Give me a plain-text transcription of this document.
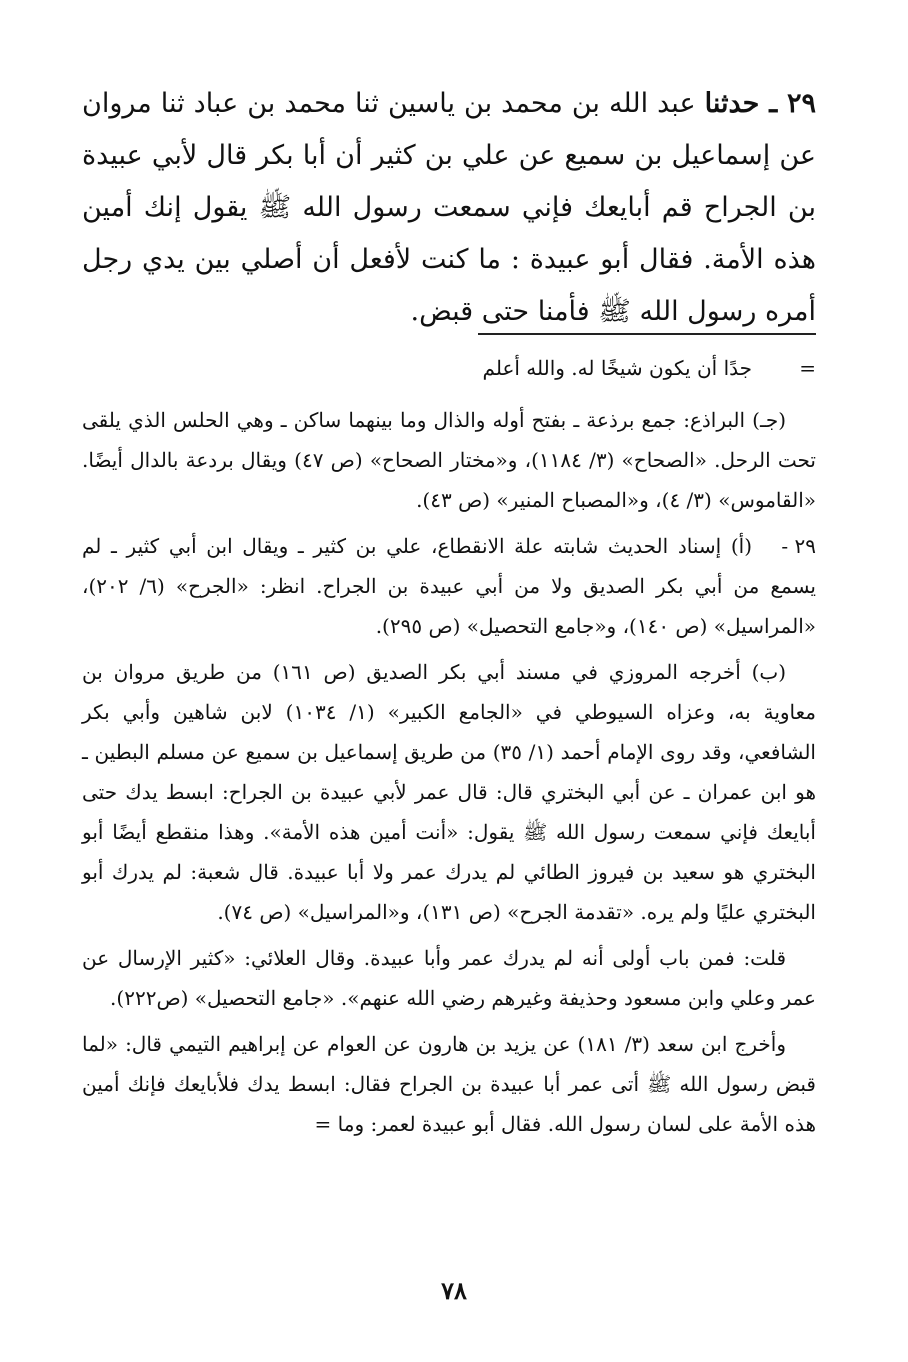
٢٩ ـ حدثنا عبد الله بن محمد بن ياسين ثنا محمد بن عباد ثنا مروان عن إسماعيل بن سميع عن علي بن كثير أن أبا بكر قال لأبي عبيدة بن الجراح قم أبايعك فإني سمعت رسول الله ﷺ يقول إنك أمين هذه الأمة. فقال أبو عبيدة : ما كنت لأفعل أن أصلي بين يدي رجل أمره رسول الله ﷺ فأمنا حتى قبض.

=جدًا أن يكون شيخًا له. والله أعلم

(جـ) البراذع: جمع برذعة ـ بفتح أوله والذال وما بينهما ساكن ـ وهي الحلس الذي يلقى تحت الرحل. «الصحاح» (٣/ ١١٨٤)، و«مختار الصحاح» (ص ٤٧) ويقال بردعة بالدال أيضًا. «القاموس» (٣/ ٤)، و«المصباح المنير» (ص ٤٣).

٢٩ -(أ) إسناد الحديث شابته علة الانقطاع، علي بن كثير ـ ويقال ابن أبي كثير ـ لم يسمع من أبي بكر الصديق ولا من أبي عبيدة بن الجراح. انظر: «الجرح» (٦/ ٢٠٢)، «المراسيل» (ص ١٤٠)، و«جامع التحصيل» (ص ٢٩٥).

(ب) أخرجه المروزي في مسند أبي بكر الصديق (ص ١٦١) من طريق مروان بن معاوية به، وعزاه السيوطي في «الجامع الكبير» (١/ ١٠٣٤) لابن شاهين وأبي بكر الشافعي، وقد روى الإمام أحمد (١/ ٣٥) من طريق إسماعيل بن سميع عن مسلم البطين ـ هو ابن عمران ـ عن أبي البختري قال: قال عمر لأبي عبيدة بن الجراح: ابسط يدك حتى أبايعك فإني سمعت رسول الله ﷺ يقول: «أنت أمين هذه الأمة». وهذا منقطع أيضًا أبو البختري هو سعيد بن فيروز الطائي لم يدرك عمر ولا أبا عبيدة. قال شعبة: لم يدرك أبو البختري عليًا ولم يره. «تقدمة الجرح» (ص ١٣١)، و«المراسيل» (ص ٧٤).

قلت: فمن باب أولى أنه لم يدرك عمر وأبا عبيدة. وقال العلائي: «كثير الإرسال عن عمر وعلي وابن مسعود وحذيفة وغيرهم رضي الله عنهم». «جامع التحصيل» (ص٢٢٢).

وأخرج ابن سعد (٣/ ١٨١) عن يزيد بن هارون عن العوام عن إبراهيم التيمي قال: «لما قبض رسول الله ﷺ أتى عمر أبا عبيدة بن الجراح فقال: ابسط يدك فلأبايعك فإنك أمين هذه الأمة على لسان رسول الله. فقال أبو عبيدة لعمر: وما =

٧٨
